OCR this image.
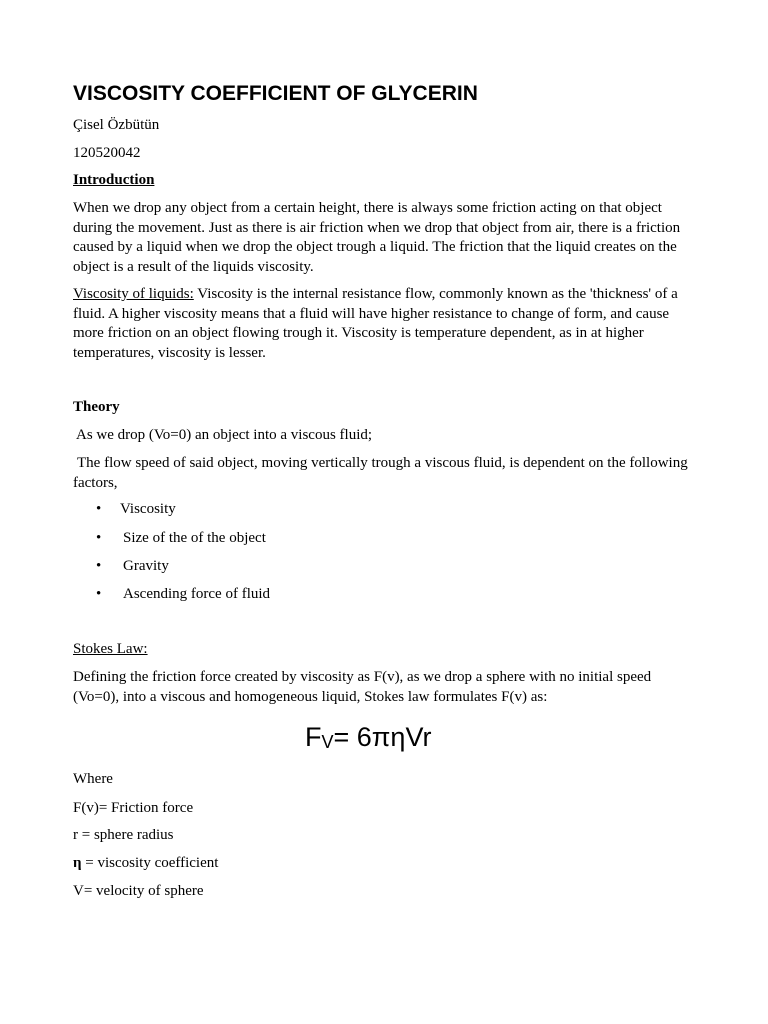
VISCOSITY COEFFICIENT OF GLYCERIN
Çisel Özbütün
120520042
Introduction
When we drop any object from a certain height, there is always some friction acting on that object during the movement. Just as there is air friction when we drop that object from air, there is a friction caused by a liquid when we drop the object trough a liquid. The friction that the liquid creates on the object is a result of the liquids viscosity.
Viscosity of liquids: Viscosity is the internal resistance flow, commonly known as the 'thickness' of a fluid. A higher viscosity means that a fluid will have higher resistance to change of form, and cause more friction on an object flowing trough it. Viscosity is temperature dependent, as in at higher temperatures, viscosity is lesser.
Theory
As we drop (Vo=0) an object into a viscous fluid;
The flow speed of said object, moving vertically trough a viscous fluid, is dependent on the following factors,
• Viscosity
• Size of the of the object
• Gravity
• Ascending force of fluid
Stokes Law:
Defining the friction force created by viscosity as F(v), as we drop a sphere with no initial speed (Vo=0), into a viscous and homogeneous liquid, Stokes law formulates F(v) as:
FV= 6πηVr
Where
F(v)= Friction force
r = sphere radius
η = viscosity coefficient
V= velocity of sphere
